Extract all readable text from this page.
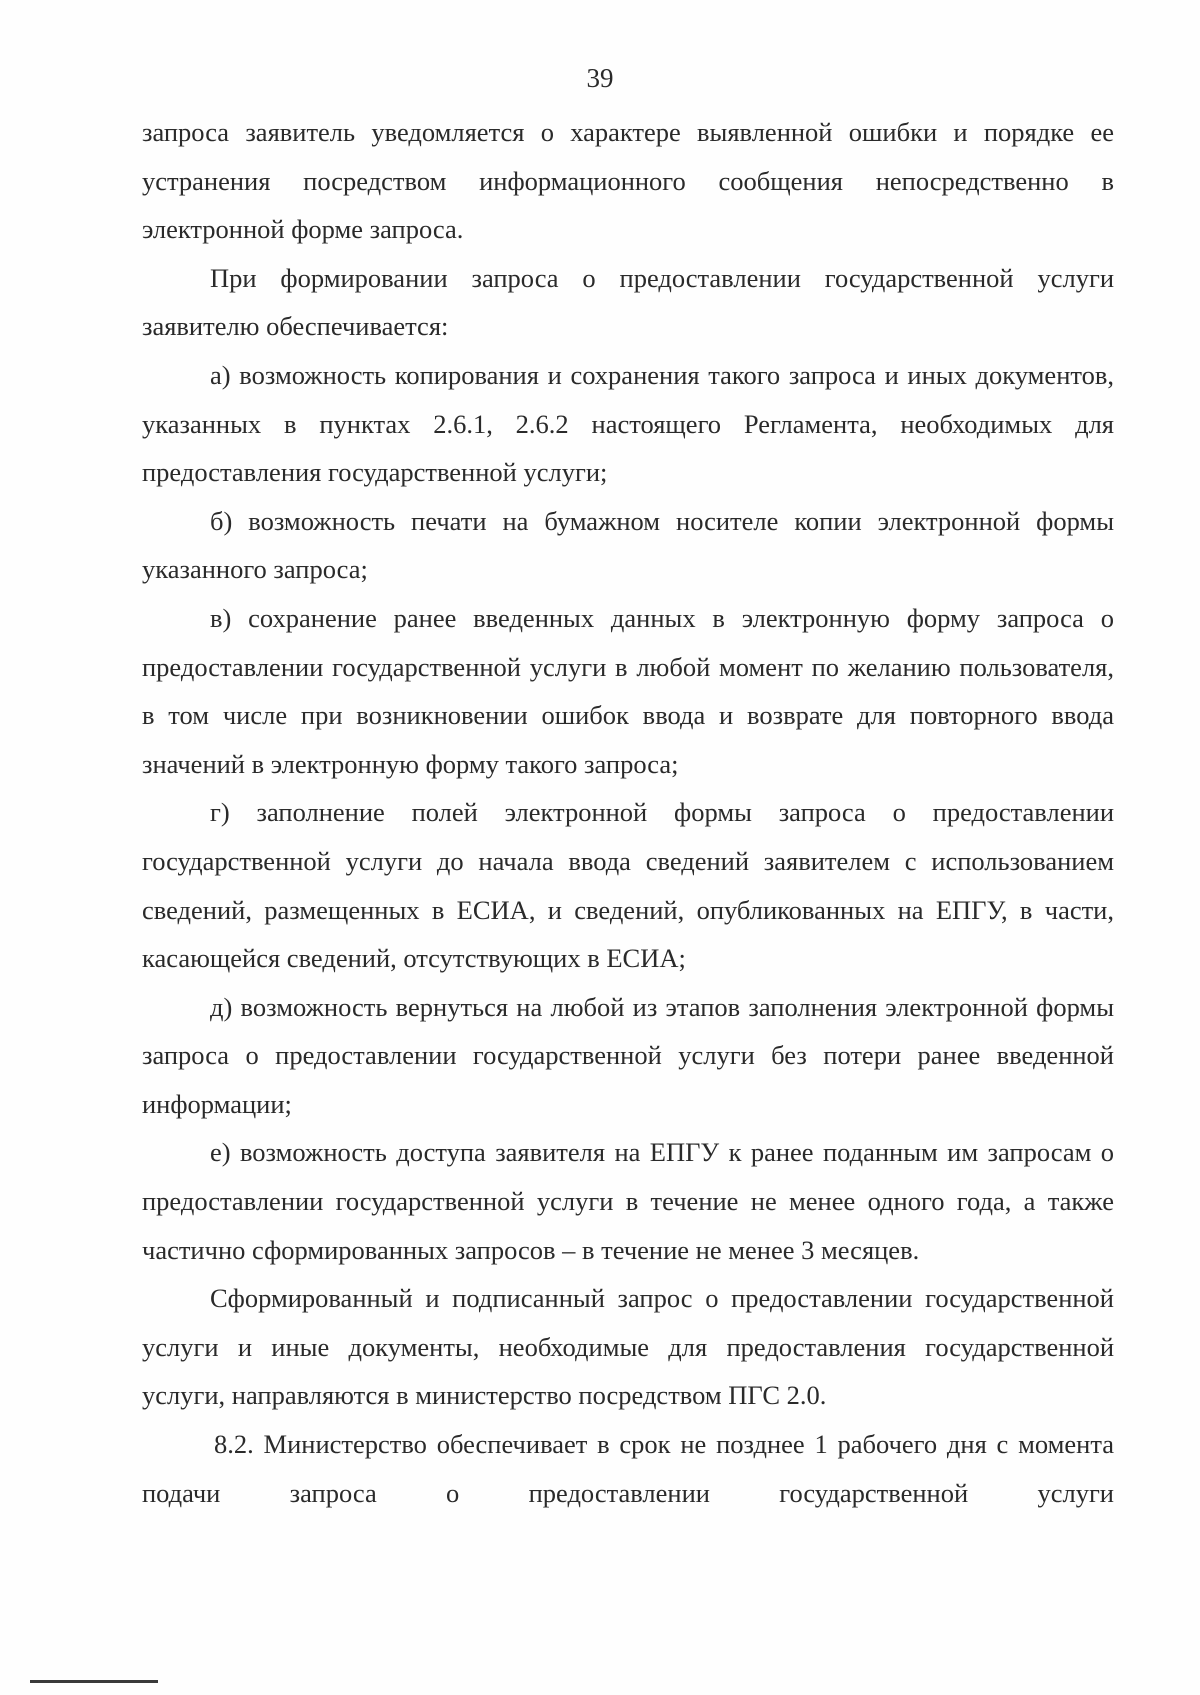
39

запроса заявитель уведомляется о характере выявленной ошибки и порядке ее устранения посредством информационного сообщения непосредственно в электронной форме запроса.

При формировании запроса о предоставлении государственной услуги заявителю обеспечивается:

а) возможность копирования и сохранения такого запроса и иных документов, указанных в пунктах 2.6.1, 2.6.2 настоящего Регламента, необходимых для предоставления государственной услуги;

б) возможность печати на бумажном носителе копии электронной формы указанного запроса;

в) сохранение ранее введенных данных в электронную форму запроса о предоставлении государственной услуги в любой момент по желанию пользователя, в том числе при возникновении ошибок ввода и возврате для повторного ввода значений в электронную форму такого запроса;

г) заполнение полей электронной формы запроса о предоставлении государственной услуги до начала ввода сведений заявителем с использованием сведений, размещенных в ЕСИА, и сведений, опубликованных на ЕПГУ, в части, касающейся сведений, отсутствующих в ЕСИА;

д) возможность вернуться на любой из этапов заполнения электронной формы запроса о предоставлении государственной услуги без потери ранее введенной информации;

е) возможность доступа заявителя на ЕПГУ к ранее поданным им запросам о предоставлении государственной услуги в течение не менее одного года, а также частично сформированных запросов – в течение не менее 3 месяцев.

Сформированный и подписанный запрос о предоставлении государственной услуги и иные документы, необходимые для предоставления государственной услуги, направляются в министерство посредством ПГС 2.0.

8.2. Министерство обеспечивает в срок не позднее 1 рабочего дня с момента подачи запроса о предоставлении государственной услуги
